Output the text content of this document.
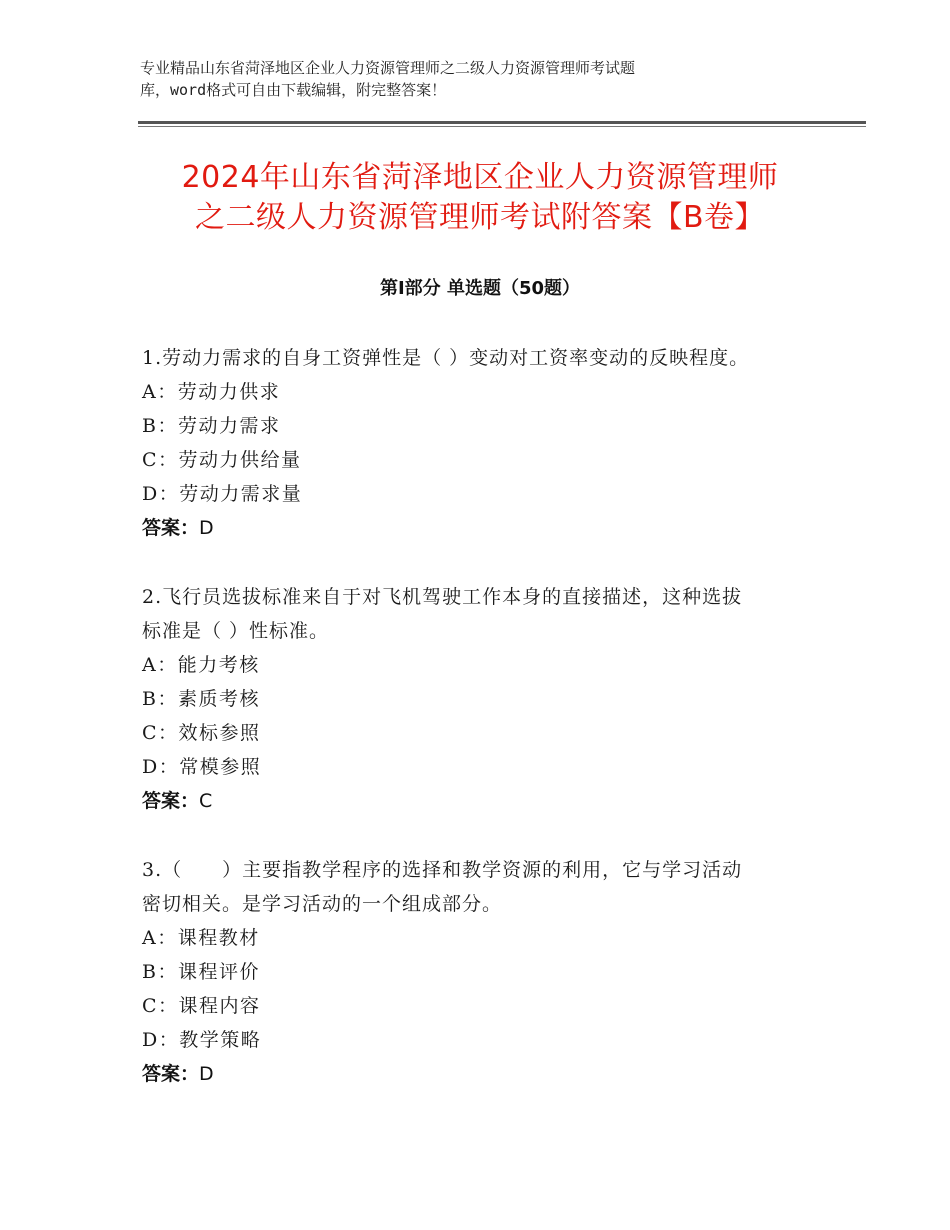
专业精品山东省菏泽地区企业人力资源管理师之二级人力资源管理师考试题
库，word格式可自由下载编辑，附完整答案！
2024年山东省菏泽地区企业人力资源管理师
之二级人力资源管理师考试附答案【B卷】
第Ⅰ部分 单选题（50题）
1.劳动力需求的自身工资弹性是（ ）变动对工资率变动的反映程度。
A：劳动力供求
B：劳动力需求
C：劳动力供给量
D：劳动力需求量
答案：D
2.飞行员选拔标准来自于对飞机驾驶工作本身的直接描述，这种选拔
标准是（ ）性标准。
A：能力考核
B：素质考核
C：效标参照
D：常模参照
答案：C
3.（　　）主要指教学程序的选择和教学资源的利用，它与学习活动
密切相关。是学习活动的一个组成部分。
A：课程教材
B：课程评价
C：课程内容
D：教学策略
答案：D
